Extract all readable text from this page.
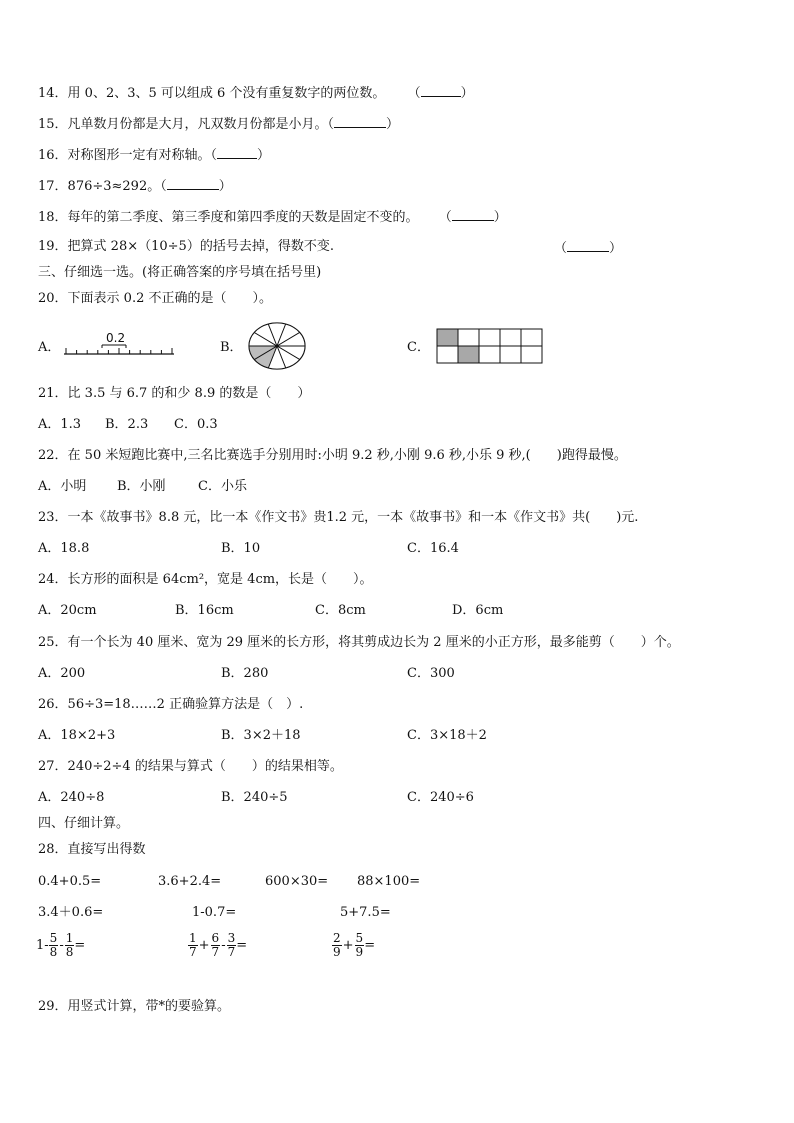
14．用 0、2、3、5 可以组成 6 个没有重复数字的两位数。 （	）
15．凡单数月份都是大月，凡双数月份都是小月。（	）
16．对称图形一定有对称轴。（	）
17．876÷3≈292。（	）
18．每年的第二季度、第三季度和第四季度的天数是固定不变的。 （	）
19．把算式 28×（10÷5）的括号去掉，得数不变.	（	）
三、仔细选一选。(将正确答案的序号填在括号里)
20．下面表示 0.2 不正确的是（　　）。
A．
0.2
B．	C．
21．比 3.5 与 6.7 的和少 8.9 的数是（　　）
A．1.3 B．2.3 C．0.3
22．在 50 米短跑比赛中,三名比赛选手分别用时:小明 9.2 秒,小刚 9.6 秒,小乐 9 秒,(　　)跑得最慢。
A．小明 B．小刚 C．小乐
23．一本《故事书》8.8 元，比一本《作文书》贵1.2 元，一本《故事书》和一本《作文书》共(　　)元.
A．18.8	B．10	C．16.4
24．长方形的面积是 64cm²，宽是 4cm，长是（　　）。
A．20cm	B．16cm	C．8cm	D．6cm
25．有一个长为 40 厘米、宽为 29 厘米的长方形，将其剪成边长为 2 厘米的小正方形，最多能剪（　　）个。
A．200	B．280	C．300
26．56÷3=18……2 正确验算方法是（　）.
A．18×2+3	B．3×2＋18	C．3×18＋2
27．240÷2÷4 的结果与算式（　　）的结果相等。
A．240÷8	B．240÷5	C．240÷6
四、仔细计算。
28．直接写出得数
0.4+0.5=	3.6+2.4=	600×30= 88×100=
3.4＋0.6=	1-0.7=	5+7.5=
$1- \frac{5}{8} - \frac{1}{8}$ =	$\frac{1}{7} + \frac{6}{7} - \frac{3}{7}$ =	$\frac{2}{9} + \frac{5}{9}$ =
29．用竖式计算，带*的要验算。
